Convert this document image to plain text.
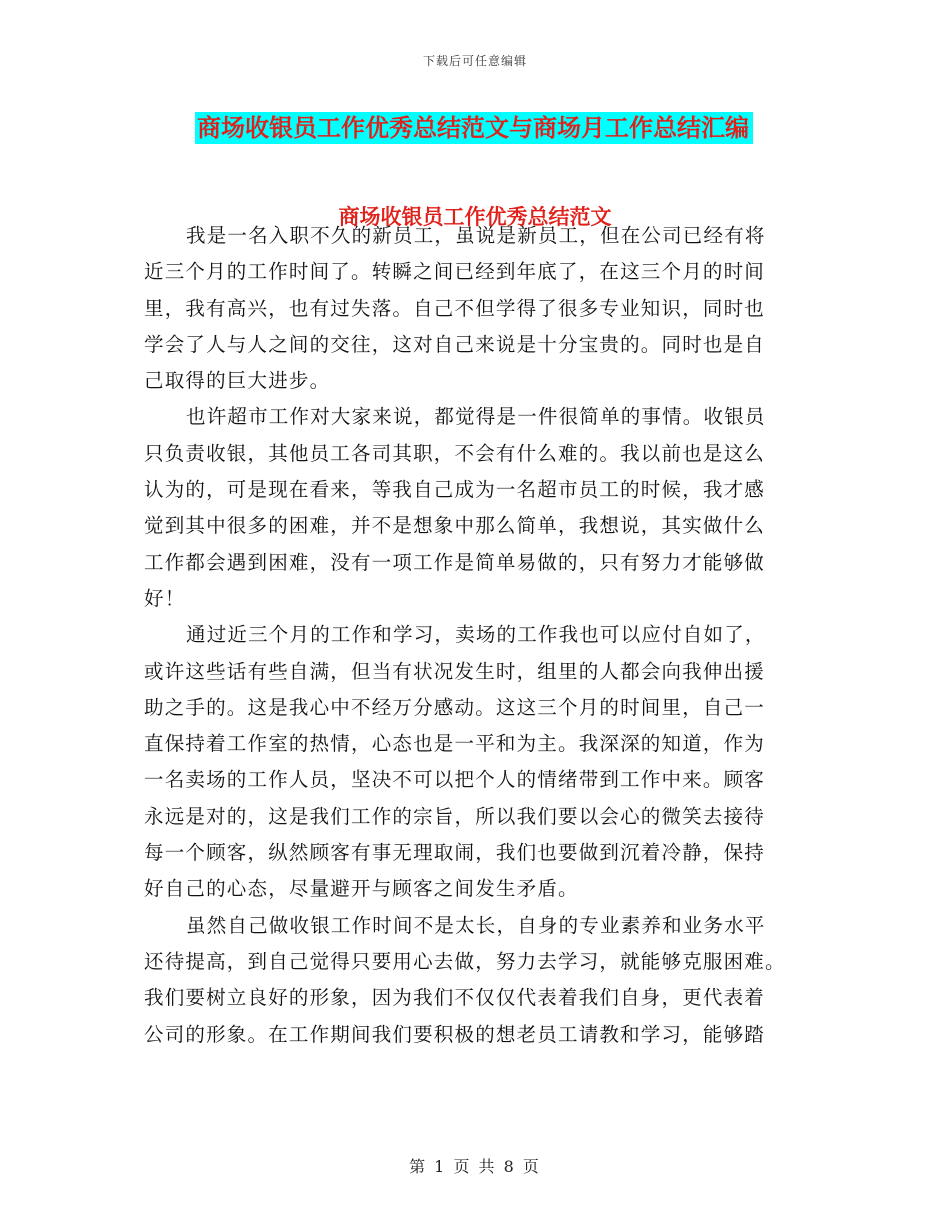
下载后可任意编辑
商场收银员工作优秀总结范文与商场月工作总结汇编
商场收银员工作优秀总结范文

我是一名入职不久的新员工，虽说是新员工，但在公司已经有将
近三个月的工作时间了。转瞬之间已经到年底了，在这三个月的时间
里，我有高兴，也有过失落。自己不但学得了很多专业知识，同时也
学会了人与人之间的交往，这对自己来说是十分宝贵的。同时也是自
己取得的巨大进步。

也许超市工作对大家来说，都觉得是一件很简单的事情。收银员
只负责收银，其他员工各司其职，不会有什么难的。我以前也是这么
认为的，可是现在看来，等我自己成为一名超市员工的时候，我才感
觉到其中很多的困难，并不是想象中那么简单，我想说，其实做什么
工作都会遇到困难，没有一项工作是简单易做的，只有努力才能够做
好！

通过近三个月的工作和学习，卖场的工作我也可以应付自如了，
或许这些话有些自满，但当有状况发生时，组里的人都会向我伸出援
助之手的。这是我心中不经万分感动。这这三个月的时间里，自己一
直保持着工作室的热情，心态也是一平和为主。我深深的知道，作为
一名卖场的工作人员，坚决不可以把个人的情绪带到工作中来。顾客
永远是对的，这是我们工作的宗旨，所以我们要以会心的微笑去接待
每一个顾客，纵然顾客有事无理取闹，我们也要做到沉着冷静，保持
好自己的心态，尽量避开与顾客之间发生矛盾。

虽然自己做收银工作时间不是太长，自身的专业素养和业务水平
还待提高，到自己觉得只要用心去做，努力去学习，就能够克服困难。
我们要树立良好的形象，因为我们不仅仅代表着我们自身，更代表着
公司的形象。在工作期间我们要积极的想老员工请教和学习，能够踏

第 1 页 共 8 页
